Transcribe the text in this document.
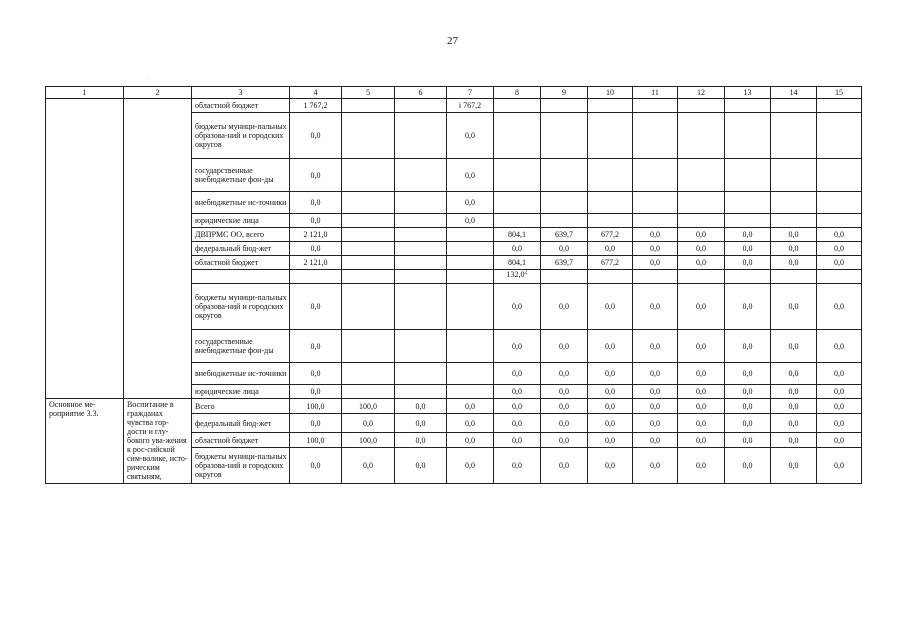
27
·
1	2	3	4	5	6	7	8	9	10	11	12	13	14	15
		областной бюджет	1 767,2			i 767,2								
		бюджеты муници-пальных образова-ний и городских округов	0,0			0,0								
		государственные внебюджетные фон-ды	0,0			0,0								
		внебюджетные ис-точники	0,0			0,0								
		юридические лица	0,0			0,0								
		ДВПРМС ОО, всего	2 121,0				804,1	639,7	677,2	0,0	0,0	0,0	0,0	0,0
		федеральный бюд-жет	0,0				0,0	0,0	0,0	0,0	0,0	0,0	0,0	0,0
		областной бюджет	2 121,0				804,1	639,7	677,2	0,0	0,0	0,0	0,0	0,0
							132,0$^2$							
		бюджеты муници-пальных образова-ний и городских округов	0,0				0,0	0,0	0,0	0,0	0,0	0,0	0,0	0,0
		государственные внебюджетные фон-ды	0,0				0,0	0,0	0,0	0,0	0,0	0,0	0,0	0,0
		внебюджетные ис-точники	0,0				0,0	0,0	0,0	0,0	0,0	0,0	0,0	0,0
		юридические лица	0,0				0,0	0,0	0,0	0,0	0,0	0,0	0,0	0,0
Основное ме-роприятие 3.3.	Воспитание в гражданах чувства гор-дости и глу-бокого ува-жения к рос-сийской сим-волике, исто-рическим святыням,	Всего	100,0	100,0	0,0	0,0	0,0	0,0	0,0	0,0	0,0	0,0	0,0	0,0
		федеральный бюд-жет	0,0	0,0	0,0	0,0	0,0	0,0	0,0	0,0	0,0	0,0	0,0	0,0
		областной бюджет	100,0	100,0	0,0	0,0	0,0	0,0	0,0	0,0	0,0	0,0	0,0	0,0
		бюджеты муници-пальных образова-ний и городских округов	0,0	0,0	0,0	0,0	0,0	0,0	0,0	0,0	0,0	0,0	0,0	0,0
